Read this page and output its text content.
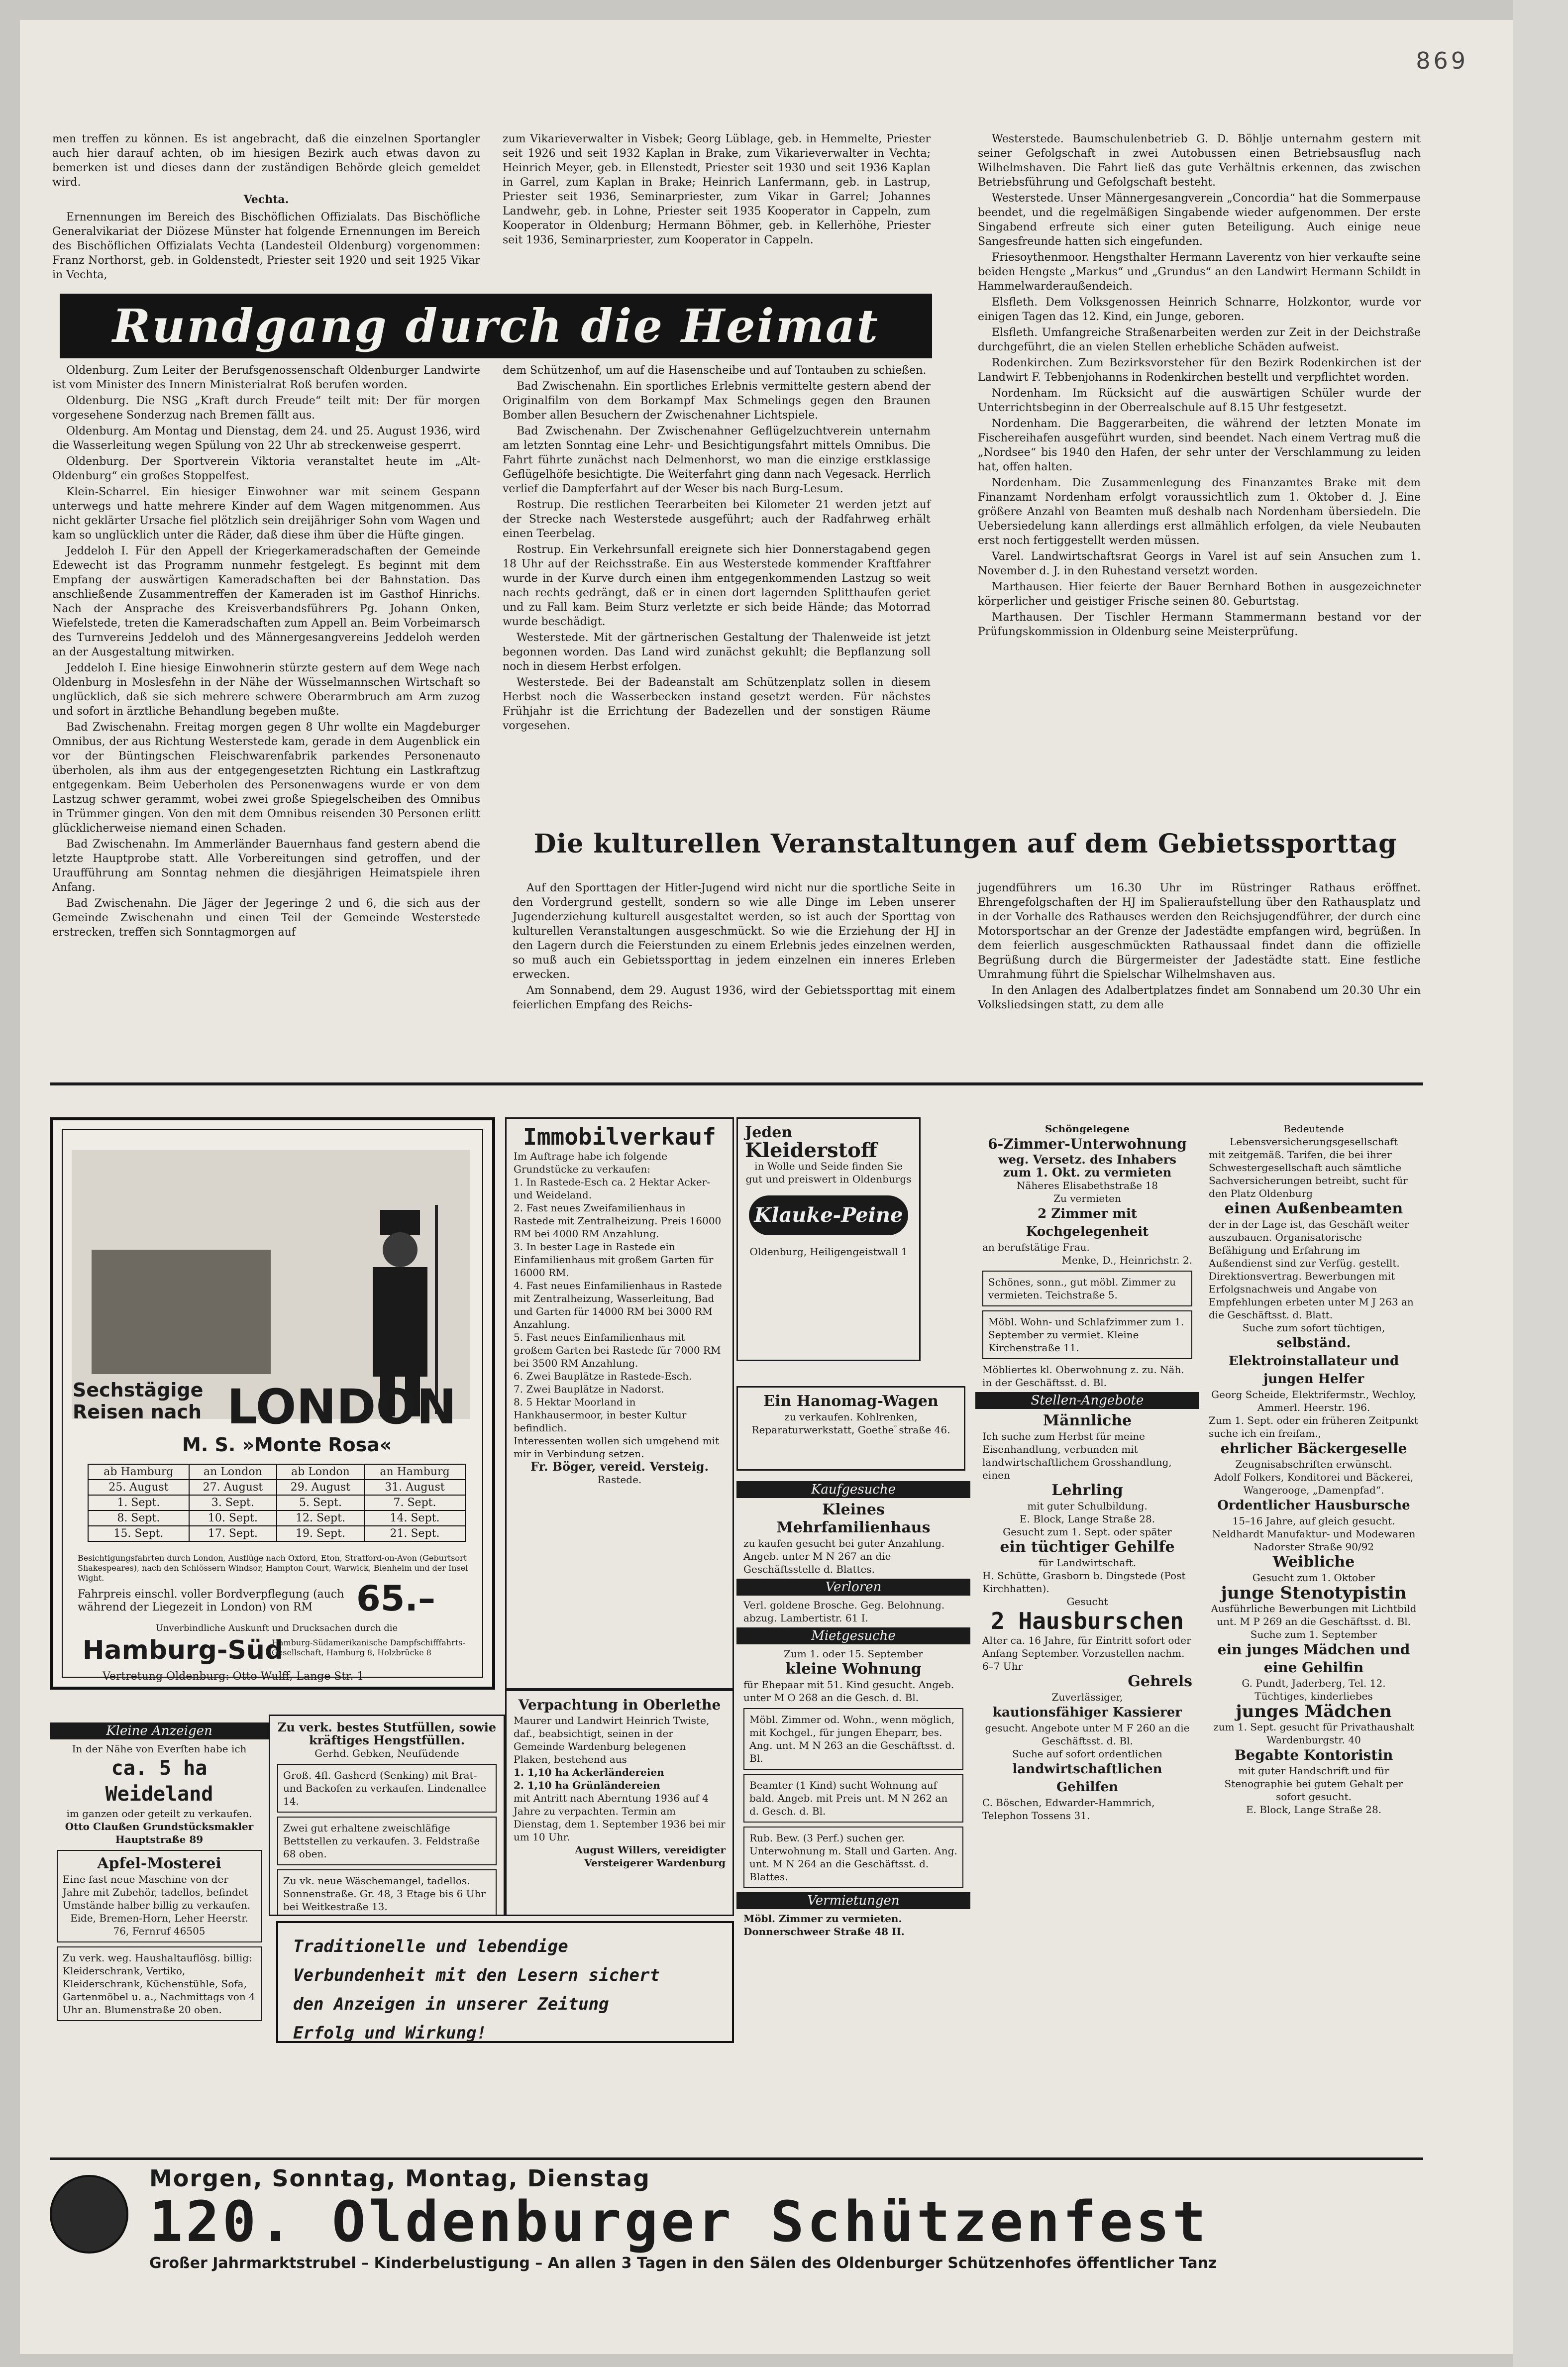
869

men treffen zu können. Es ist angebracht, daß die einzelnen Sportangler auch hier darauf achten, ob im hiesigen Bezirk auch etwas davon zu bemerken ist und dieses dann der zuständigen Behörde gleich gemeldet wird.

Vechta.

Ernennungen im Bereich des Bischöflichen Offizialats. Das Bischöfliche Generalvikariat der Diözese Münster hat folgende Ernennungen im Bereich des Bischöflichen Offizialats Vechta (Landesteil Oldenburg) vorgenommen: Franz Northorst, geb. in Goldenstedt, Priester seit 1920 und seit 1925 Vikar in Vechta,

zum Vikarieverwalter in Visbek; Georg Lüblage, geb. in Hemmelte, Priester seit 1926 und seit 1932 Kaplan in Brake, zum Vikarieverwalter in Vechta; Heinrich Meyer, geb. in Ellenstedt, Priester seit 1930 und seit 1936 Kaplan in Garrel, zum Kaplan in Brake; Heinrich Lanfermann, geb. in Lastrup, Priester seit 1936, Seminarpriester, zum Vikar in Garrel; Johannes Landwehr, geb. in Lohne, Priester seit 1935 Kooperator in Cappeln, zum Kooperator in Oldenburg; Hermann Böhmer, geb. in Kellerhöhe, Priester seit 1936, Seminarpriester, zum Kooperator in Cappeln.

Rundgang durch die Heimat

Oldenburg. Zum Leiter der Berufsgenossenschaft Oldenburger Landwirte ist vom Minister des Innern Ministerialrat Roß berufen worden.

Oldenburg. Die NSG „Kraft durch Freude“ teilt mit: Der für morgen vorgesehene Sonderzug nach Bremen fällt aus.

Oldenburg. Am Montag und Dienstag, dem 24. und 25. August 1936, wird die Wasserleitung wegen Spülung von 22 Uhr ab streckenweise gesperrt.

Oldenburg. Der Sportverein Viktoria veranstaltet heute im „Alt-Oldenburg“ ein großes Stoppelfest.

Klein-Scharrel. Ein hiesiger Einwohner war mit seinem Gespann unterwegs und hatte mehrere Kinder auf dem Wagen mitgenommen. Aus nicht geklärter Ursache fiel plötzlich sein dreijähriger Sohn vom Wagen und kam so unglücklich unter die Räder, daß diese ihm über die Hüfte gingen.

Jeddeloh I. Für den Appell der Kriegerkameradschaften der Gemeinde Edewecht ist das Programm nunmehr festgelegt. Es beginnt mit dem Empfang der auswärtigen Kameradschaften bei der Bahnstation. Das anschließende Zusammentreffen der Kameraden ist im Gasthof Hinrichs. Nach der Ansprache des Kreisverbandsführers Pg. Johann Onken, Wiefelstede, treten die Kameradschaften zum Appell an. Beim Vorbeimarsch des Turnvereins Jeddeloh und des Männergesangvereins Jeddeloh werden an der Ausgestaltung mitwirken.

Jeddeloh I. Eine hiesige Einwohnerin stürzte gestern auf dem Wege nach Oldenburg in Moslesfehn in der Nähe der Wüsselmannschen Wirtschaft so unglücklich, daß sie sich mehrere schwere Oberarmbruch am Arm zuzog und sofort in ärztliche Behandlung begeben mußte.

Bad Zwischenahn. Freitag morgen gegen 8 Uhr wollte ein Magdeburger Omnibus, der aus Richtung Westerstede kam, gerade in dem Augenblick ein vor der Büntingschen Fleischwarenfabrik parkendes Personenauto überholen, als ihm aus der entgegengesetzten Richtung ein Lastkraftzug entgegenkam. Beim Ueberholen des Personenwagens wurde er von dem Lastzug schwer gerammt, wobei zwei große Spiegelscheiben des Omnibus in Trümmer gingen. Von den mit dem Omnibus reisenden 30 Personen erlitt glücklicherweise niemand einen Schaden.

Bad Zwischenahn. Im Ammerländer Bauernhaus fand gestern abend die letzte Hauptprobe statt. Alle Vorbereitungen sind getroffen, und der Uraufführung am Sonntag nehmen die diesjährigen Heimatspiele ihren Anfang.

Bad Zwischenahn. Die Jäger der Jegeringe 2 und 6, die sich aus der Gemeinde Zwischenahn und einen Teil der Gemeinde Westerstede erstrecken, treffen sich Sonntagmorgen auf

dem Schützenhof, um auf die Hasenscheibe und auf Tontauben zu schießen.

Bad Zwischenahn. Ein sportliches Erlebnis vermittelte gestern abend der Originalfilm von dem Borkampf Max Schmelings gegen den Braunen Bomber allen Besuchern der Zwischenahner Lichtspiele.

Bad Zwischenahn. Der Zwischenahner Geflügelzuchtverein unternahm am letzten Sonntag eine Lehr- und Besichtigungsfahrt mittels Omnibus. Die Fahrt führte zunächst nach Delmenhorst, wo man die einzige erstklassige Geflügelhöfe besichtigte. Die Weiterfahrt ging dann nach Vegesack. Herrlich verlief die Dampferfahrt auf der Weser bis nach Burg-Lesum.

Rostrup. Die restlichen Teerarbeiten bei Kilometer 21 werden jetzt auf der Strecke nach Westerstede ausgeführt; auch der Radfahrweg erhält einen Teerbelag.

Rostrup. Ein Verkehrsunfall ereignete sich hier Donnerstagabend gegen 18 Uhr auf der Reichsstraße. Ein aus Westerstede kommender Kraftfahrer wurde in der Kurve durch einen ihm entgegenkommenden Lastzug so weit nach rechts gedrängt, daß er in einen dort lagernden Splitthaufen geriet und zu Fall kam. Beim Sturz verletzte er sich beide Hände; das Motorrad wurde beschädigt.

Westerstede. Mit der gärtnerischen Gestaltung der Thalenweide ist jetzt begonnen worden. Das Land wird zunächst gekuhlt; die Bepflanzung soll noch in diesem Herbst erfolgen.

Westerstede. Bei der Badeanstalt am Schützenplatz sollen in diesem Herbst noch die Wasserbecken instand gesetzt werden. Für nächstes Frühjahr ist die Errichtung der Badezellen und der sonstigen Räume vorgesehen.

Westerstede. Baumschulenbetrieb G. D. Böhlje unternahm gestern mit seiner Gefolgschaft in zwei Autobussen einen Betriebsausflug nach Wilhelmshaven. Die Fahrt ließ das gute Verhältnis erkennen, das zwischen Betriebsführung und Gefolgschaft besteht.

Westerstede. Unser Männergesangverein „Concordia“ hat die Sommerpause beendet, und die regelmäßigen Singabende wieder aufgenommen. Der erste Singabend erfreute sich einer guten Beteiligung. Auch einige neue Sangesfreunde hatten sich eingefunden.

Friesoythenmoor. Hengsthalter Hermann Laverentz von hier verkaufte seine beiden Hengste „Markus“ und „Grundus“ an den Landwirt Hermann Schildt in Hammelwarderaußendeich.

Elsfleth. Dem Volksgenossen Heinrich Schnarre, Holzkontor, wurde vor einigen Tagen das 12. Kind, ein Junge, geboren.

Elsfleth. Umfangreiche Straßenarbeiten werden zur Zeit in der Deichstraße durchgeführt, die an vielen Stellen erhebliche Schäden aufweist.

Rodenkirchen. Zum Bezirksvorsteher für den Bezirk Rodenkirchen ist der Landwirt F. Tebbenjohanns in Rodenkirchen bestellt und verpflichtet worden.

Nordenham. Im Rücksicht auf die auswärtigen Schüler wurde der Unterrichtsbeginn in der Oberrealschule auf 8.15 Uhr festgesetzt.

Nordenham. Die Baggerarbeiten, die während der letzten Monate im Fischereihafen ausgeführt wurden, sind beendet. Nach einem Vertrag muß die „Nordsee“ bis 1940 den Hafen, der sehr unter der Verschlammung zu leiden hat, offen halten.

Nordenham. Die Zusammenlegung des Finanzamtes Brake mit dem Finanzamt Nordenham erfolgt voraussichtlich zum 1. Oktober d. J. Eine größere Anzahl von Beamten muß deshalb nach Nordenham übersiedeln. Die Uebersiedelung kann allerdings erst allmählich erfolgen, da viele Neubauten erst noch fertiggestellt werden müssen.

Varel. Landwirtschaftsrat Georgs in Varel ist auf sein Ansuchen zum 1. November d. J. in den Ruhestand versetzt worden.

Marthausen. Hier feierte der Bauer Bernhard Bothen in ausgezeichneter körperlicher und geistiger Frische seinen 80. Geburtstag.

Marthausen. Der Tischler Hermann Stammermann bestand vor der Prüfungskommission in Oldenburg seine Meisterprüfung.

Die kulturellen Veranstaltungen auf dem Gebietssporttag

Auf den Sporttagen der Hitler-Jugend wird nicht nur die sportliche Seite in den Vordergrund gestellt, sondern so wie alle Dinge im Leben unserer Jugenderziehung kulturell ausgestaltet werden, so ist auch der Sporttag von kulturellen Veranstaltungen ausgeschmückt. So wie die Erziehung der HJ in den Lagern durch die Feierstunden zu einem Erlebnis jedes einzelnen werden, so muß auch ein Gebietssporttag in jedem einzelnen ein inneres Erleben erwecken.

Am Sonnabend, dem 29. August 1936, wird der Gebietssporttag mit einem feierlichen Empfang des Reichs-

jugendführers um 16.30 Uhr im Rüstringer Rathaus eröffnet. Ehrengefolgschaften der HJ im Spalieraufstellung über den Rathausplatz und in der Vorhalle des Rathauses werden den Reichsjugendführer, der durch eine Motorsportschar an der Grenze der Jadestädte empfangen wird, begrüßen. In dem feierlich ausgeschmückten Rathaussaal findet dann die offizielle Begrüßung durch die Bürgermeister der Jadestädte statt. Eine festliche Umrahmung führt die Spielschar Wilhelmshaven aus.

In den Anlagen des Adalbertplatzes findet am Sonnabend um 20.30 Uhr ein Volksliedsingen statt, zu dem alle

Sechstägige
Reisen nach LONDON
M. S. »Monte Rosa«
ab Hamburg	an London	ab London	an Hamburg
25. August	27. August	29. August	31. August
1. Sept.	3. Sept.	5. Sept.	7. Sept.
8. Sept.	10. Sept.	12. Sept.	14. Sept.
15. Sept.	17. Sept.	19. Sept.	21. Sept.
Besichtigungsfahrten durch London, Ausflüge nach Oxford, Eton, Stratford-on-Avon (Geburtsort Shakespeares), nach den Schlössern Windsor, Hampton Court, Warwick, Blenheim und der Insel Wight.
Fahrpreis einschl. voller Bordverpflegung (auch während der Liegezeit in London) von RM	65.–
Unverbindliche Auskunft und Drucksachen durch die
Hamburg-Süd
Hamburg-Südamerikanische Dampfschifffahrts-Gesellschaft, Hamburg 8, Holzbrücke 8
Vertretung Oldenburg: Otto Wulff, Lange Str. 1
Kleine Anzeigen
In der Nähe von Everſten habe ich
ca. 5 ha Weideland
im ganzen oder geteilt zu verkaufen.
Otto Claußen Grundstücksmakler Hauptstraße 89
Apfel-Mosterei
Eine fast neue Maschine von der Jahre mit Zubehör, tadellos, befindet Umstände halber billig zu verkaufen.
Eide, Bremen-Horn, Leher Heerstr. 76, Fernruf 46505
Zu verk. weg. Haushaltauflösg. billig: Kleiderschrank, Vertiko, Kleiderschrank, Küchenstühle, Sofa, Gartenmöbel u. a., Nachmittags von 4 Uhr an. Blumenstraße 20 oben.
Zu verk. bestes Stutfüllen, sowie kräftiges Hengstfüllen.
Gerhd. Gebken, Neuſüdende
Groß. 4fl. Gasherd (Senking) mit Brat- und Backofen zu verkaufen. Lindenallee 14.
Zwei gut erhaltene zweischläfige Bettstellen zu verkaufen. 3. Feldstraße 68 oben.
Zu vk. neue Wäschemangel, tadellos. Sonnenstraße. Gr. 48, 3 Etage bis 6 Uhr bei Weitkestraße 13.
Immobilverkauf
Im Auftrage habe ich folgende Grundstücke zu verkaufen:
1. In Rastede-Esch ca. 2 Hektar Acker- und Weideland.
2. Fast neues Zweifamilienhaus in Rastede mit Zentralheizung. Preis 16000 RM bei 4000 RM Anzahlung.
3. In bester Lage in Rastede ein Einfamilienhaus mit großem Garten für 16000 RM.
4. Fast neues Einfamilienhaus in Rastede mit Zentralheizung, Wasserleitung, Bad und Garten für 14000 RM bei 3000 RM Anzahlung.
5. Fast neues Einfamilienhaus mit großem Garten bei Rastede für 7000 RM bei 3500 RM Anzahlung.
6. Zwei Bauplätze in Rastede-Esch.
7. Zwei Bauplätze in Nadorst.
8. 5 Hektar Moorland in Hankhausermoor, in bester Kultur befindlich.
Interessenten wollen sich umgehend mit mir in Verbindung setzen.
Fr. Böger, vereid. Versteig.
Rastede.
Verpachtung in Oberlethe
Maurer und Landwirt Heinrich Twiste, daf., beabsichtigt, seinen in der Gemeinde Wardenburg belegenen Plaken, bestehend aus
1. 1,10 ha Ackerländereien
2. 1,10 ha Grünländereien
mit Antritt nach Aberntung 1936 auf 4 Jahre zu verpachten. Termin am Dienstag, dem 1. September 1936 bei mir um 10 Uhr.
August Willers, vereidigter Versteigerer Wardenburg
Traditionelle und lebendige
Verbundenheit mit den Lesern sichert
den Anzeigen in unserer Zeitung
Erfolg und Wirkung!
Jeden
Kleiderstoff
in Wolle und Seide finden Sie gut und preiswert in Oldenburgs
Klauke-Peine
Oldenburg, Heiligengeistwall 1
Ein Hanomag-Wagen
zu verkaufen. Kohlrenken, Reparaturwerkstatt, Goetheﾟstraße 46.
Kaufgesuche
Kleines Mehrfamilienhaus
zu kaufen gesucht bei guter Anzahlung. Angeb. unter M N 267 an die Geschäftsstelle d. Blattes.
Verloren
Verl. goldene Brosche. Geg. Belohnung. abzug. Lambertistr. 61 I.
Mietgesuche
Zum 1. oder 15. September
kleine Wohnung
für Ehepaar mit 51. Kind gesucht. Angeb. unter M O 268 an die Gesch. d. Bl.
Möbl. Zimmer od. Wohn., wenn möglich, mit Kochgel., für jungen Eheparr, bes. Ang. unt. M N 263 an die Geschäftsst. d. Bl.
Beamter (1 Kind) sucht Wohnung auf bald. Angeb. mit Preis unt. M N 262 an d. Gesch. d. Bl.
Rub. Bew. (3 Perf.) suchen ger. Unterwohnung m. Stall und Garten. Ang. unt. M N 264 an die Geschäftsst. d. Blattes.
Vermietungen
Möbl. Zimmer zu vermieten. Donnerschweer Straße 48 II.
Schöngelegene
6-Zimmer-Unterwohnung
weg. Versetz. des Inhabers zum 1. Okt. zu vermieten
Näheres Elisabethstraße 18
Zu vermieten
2 Zimmer mit Kochgelegenheit
an berufstätige Frau.
Menke, D., Heinrichstr. 2.
Schönes, sonn., gut möbl. Zimmer zu vermieten. Teichstraße 5.
Möbl. Wohn- und Schlafzimmer zum 1. September zu vermiet. Kleine Kirchenstraße 11.
Möbliertes kl. Oberwohnung z. zu. Näh. in der Geschäftsst. d. Bl.
Stellen-Angebote
Männliche
Ich suche zum Herbst für meine Eisenhandlung, verbunden mit landwirtschaftlichem Grosshandlung, einen
Lehrling
mit guter Schulbildung.
E. Block, Lange Straße 28.
Gesucht zum 1. Sept. oder später
ein tüchtiger Gehilfe
für Landwirtschaft.
H. Schütte, Grasborn b. Dingstede (Post Kirchhatten).
Gesucht
2 Hausburschen
Alter ca. 16 Jahre, für Eintritt sofort oder Anfang September. Vorzustellen nachm. 6–7 Uhr
Gehrels
Zuverlässiger,
kautionsfähiger Kassierer
gesucht. Angebote unter M F 260 an die Geschäftsst. d. Bl.
Suche auf sofort ordentlichen
landwirtschaftlichen Gehilfen
C. Böschen, Edwarder-Hammrich, Telephon Tossens 31.
Bedeutende Lebensversicherungsgesellschaft
mit zeitgemäß. Tarifen, die bei ihrer Schwestergesellschaft auch sämtliche Sachversicherungen betreibt, sucht für den Platz Oldenburg
einen Außenbeamten
der in der Lage ist, das Geschäft weiter auszubauen. Organisatorische Befähigung und Erfahrung im Außendienst sind zur Verfüg. gestellt. Direktionsvertrag. Bewerbungen mit Erfolgsnachweis und Angabe von Empfehlungen erbeten unter M J 263 an die Geschäftsst. d. Blatt.
Suche zum sofort tüchtigen,
selbständ. Elektroinstallateur und jungen Helfer
Georg Scheide, Elektrifermstr., Wechloy, Ammerl. Heerstr. 196.
Zum 1. Sept. oder ein früheren Zeitpunkt suche ich ein freiſam.,
ehrlicher Bäckergeselle
Zeugnisabschriften erwünscht.
Adolf Folkers, Konditorei und Bäckerei, Wangerooge, „Damenpfad“.
Ordentlicher Hausbursche
15–16 Jahre, auf gleich gesucht.
Neldhardt Manufaktur- und Modewaren Nadorster Straße 90/92
Weibliche
Gesucht zum 1. Oktober
junge Stenotypistin
Ausführliche Bewerbungen mit Lichtbild unt. M P 269 an die Geschäftsst. d. Bl.
Suche zum 1. September
ein junges Mädchen und eine Gehilfin
G. Pundt, Jaderberg, Tel. 12.
Tüchtiges, kinderliebes
junges Mädchen
zum 1. Sept. gesucht für Privathaushalt Wardenburgstr. 40
Begabte Kontoristin
mit guter Handschrift und für Stenographie bei gutem Gehalt per sofort gesucht.
E. Block, Lange Straße 28.
Morgen, Sonntag, Montag, Dienstag
120. Oldenburger Schützenfest
Großer Jahrmarktstrubel – Kinderbelustigung – An allen 3 Tagen in den Sälen des Oldenburger Schützenhofes öffentlicher Tanz
